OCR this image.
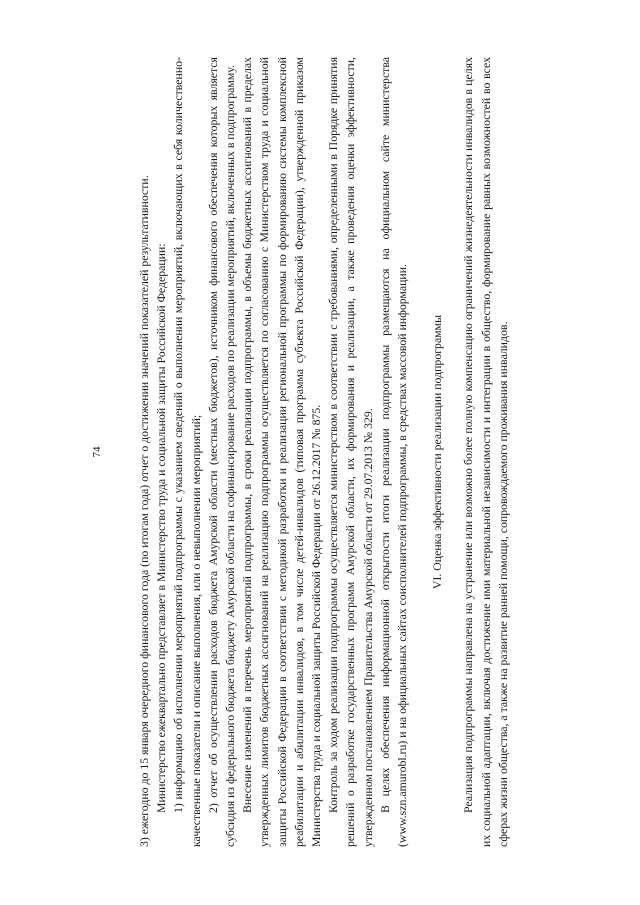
74	3) ежегодно до 15 января очередного финансового года (по итогам года) отчет о достижении значений показателей результативности. Министерство ежеквартально представляет в Министерство труда и социальной защиты Российской Федерации: 1) информацию об исполнении мероприятий подпрограммы с указанием сведений о выполнении мероприятий, включающих в себя количественно-качественные показатели и описание выполнения, или о невыполнении мероприятий; 2) отчет об осуществлении расходов бюджета Амурской области (местных бюджетов), источником финансового обеспечения которых является субсидия из федерального бюджета бюджету Амурской области на софинансирование расходов по реализации мероприятий, включенных в подпрограмму. Внесение изменений в перечень мероприятий подпрограммы, в сроки реализации подпрограммы, в объемы бюджетных ассигнований в пределах утвержденных лимитов бюджетных ассигнований на реализацию подпрограммы осуществляется по согласованию с Министерством труда и социальной защиты Российской Федерации в соответствии с методикой разработки и реализации региональной программы по формированию системы комплексной реабилитации и абилитации инвалидов, в том числе детей-инвалидов (типовая программа субъекта Российской Федерации), утвержденной приказом Министерства труда и социальной защиты Российской Федерации от 26.12.2017 № 875. Контроль за ходом реализации подпрограммы осуществляется министерством в соответствии с требованиями, определенными в Порядке принятия решений о разработке государственных программ Амурской области, их формирования и реализации, а также проведения оценки эффективности, утвержденном постановлением Правительства Амурской области от 29.07.2013 № 329. В целях обеспечения информационной открытости итоги реализации подпрограммы размещаются на официальном сайте министерства (www.szn.amurobl.ru) и на официальных сайтах соисполнителей подпрограммы, в средствах массовой информации. VI. Оценка эффективности реализации подпрограммы Реализация подпрограммы направлена на устранение или возможно более полную компенсацию ограничений жизнедеятельности инвалидов в целях их социальной адаптации, включая достижение ими материальной независимости и интеграции в общество, формирование равных возможностей во всех сферах жизни общества, а также на развитие ранней помощи, сопровождаемого проживания инвалидов.
